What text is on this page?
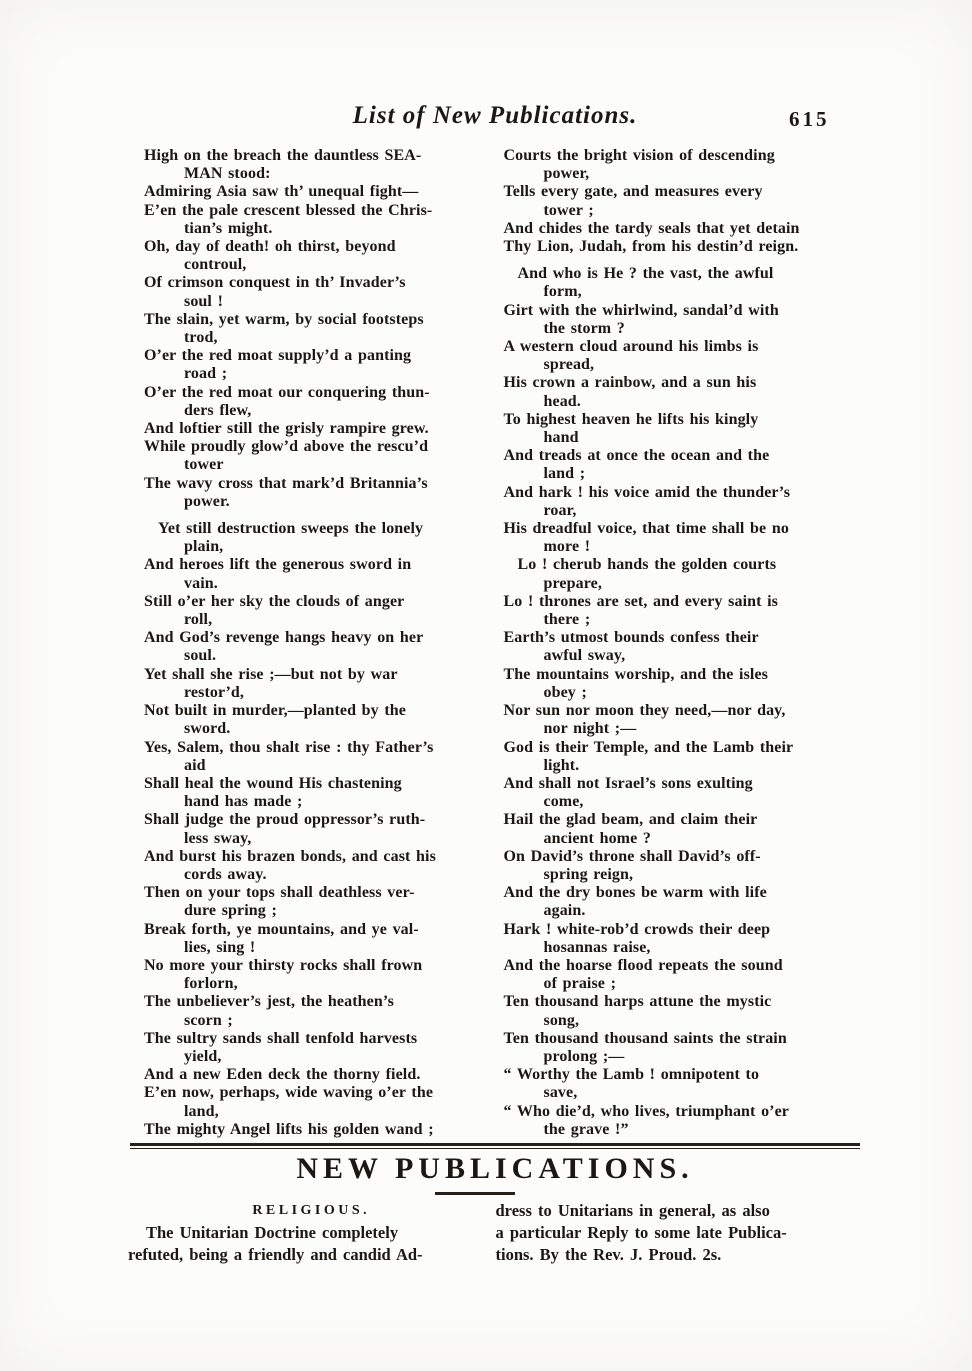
List of New Publications.	615
High on the breach the dauntless SEA-
MAN stood:
Admiring Asia saw th’ unequal fight—
E’en the pale crescent blessed the Chris-
tian’s might.
Oh, day of death! oh thirst, beyond
controul,
Of crimson conquest in th’ Invader’s
soul !
The slain, yet warm, by social footsteps
trod,
O’er the red moat supply’d a panting
road ;
O’er the red moat our conquering thun-
ders flew,
And loftier still the grisly rampire grew.
While proudly glow’d above the rescu’d
tower
The wavy cross that mark’d Britannia’s
power.
Yet still destruction sweeps the lonely
plain,
And heroes lift the generous sword in
vain.
Still o’er her sky the clouds of anger
roll,
And God’s revenge hangs heavy on her
soul.
Yet shall she rise ;—but not by war
restor’d,
Not built in murder,—planted by the
sword.
Yes, Salem, thou shalt rise : thy Father’s
aid
Shall heal the wound His chastening
hand has made ;
Shall judge the proud oppressor’s ruth-
less sway,
And burst his brazen bonds, and cast his
cords away.
Then on your tops shall deathless ver-
dure spring ;
Break forth, ye mountains, and ye val-
lies, sing !
No more your thirsty rocks shall frown
forlorn,
The unbeliever’s jest, the heathen’s
scorn ;
The sultry sands shall tenfold harvests
yield,
And a new Eden deck the thorny field.
E’en now, perhaps, wide waving o’er the
land,
The mighty Angel lifts his golden wand ;
Courts the bright vision of descending
power,
Tells every gate, and measures every
tower ;
And chides the tardy seals that yet detain
Thy Lion, Judah, from his destin’d reign.
And who is He ? the vast, the awful
form,
Girt with the whirlwind, sandal’d with
the storm ?
A western cloud around his limbs is
spread,
His crown a rainbow, and a sun his
head.
To highest heaven he lifts his kingly
hand
And treads at once the ocean and the
land ;
And hark ! his voice amid the thunder’s
roar,
His dreadful voice, that time shall be no
more !
Lo ! cherub hands the golden courts
prepare,
Lo ! thrones are set, and every saint is
there ;
Earth’s utmost bounds confess their
awful sway,
The mountains worship, and the isles
obey ;
Nor sun nor moon they need,—nor day,
nor night ;—
God is their Temple, and the Lamb their
light.
And shall not Israel’s sons exulting
come,
Hail the glad beam, and claim their
ancient home ?
On David’s throne shall David’s off-
spring reign,
And the dry bones be warm with life
again.
Hark ! white-rob’d crowds their deep
hosannas raise,
And the hoarse flood repeats the sound
of praise ;
Ten thousand harps attune the mystic
song,
Ten thousand thousand saints the strain
prolong ;—
“ Worthy the Lamb ! omnipotent to
save,
“ Who die’d, who lives, triumphant o’er
the grave !”
NEW PUBLICATIONS.
RELIGIOUS.
The Unitarian Doctrine completely
refuted, being a friendly and candid Ad-
dress to Unitarians in general, as also
a particular Reply to some late Publica-
tions. By the Rev. J. Proud. 2s.
